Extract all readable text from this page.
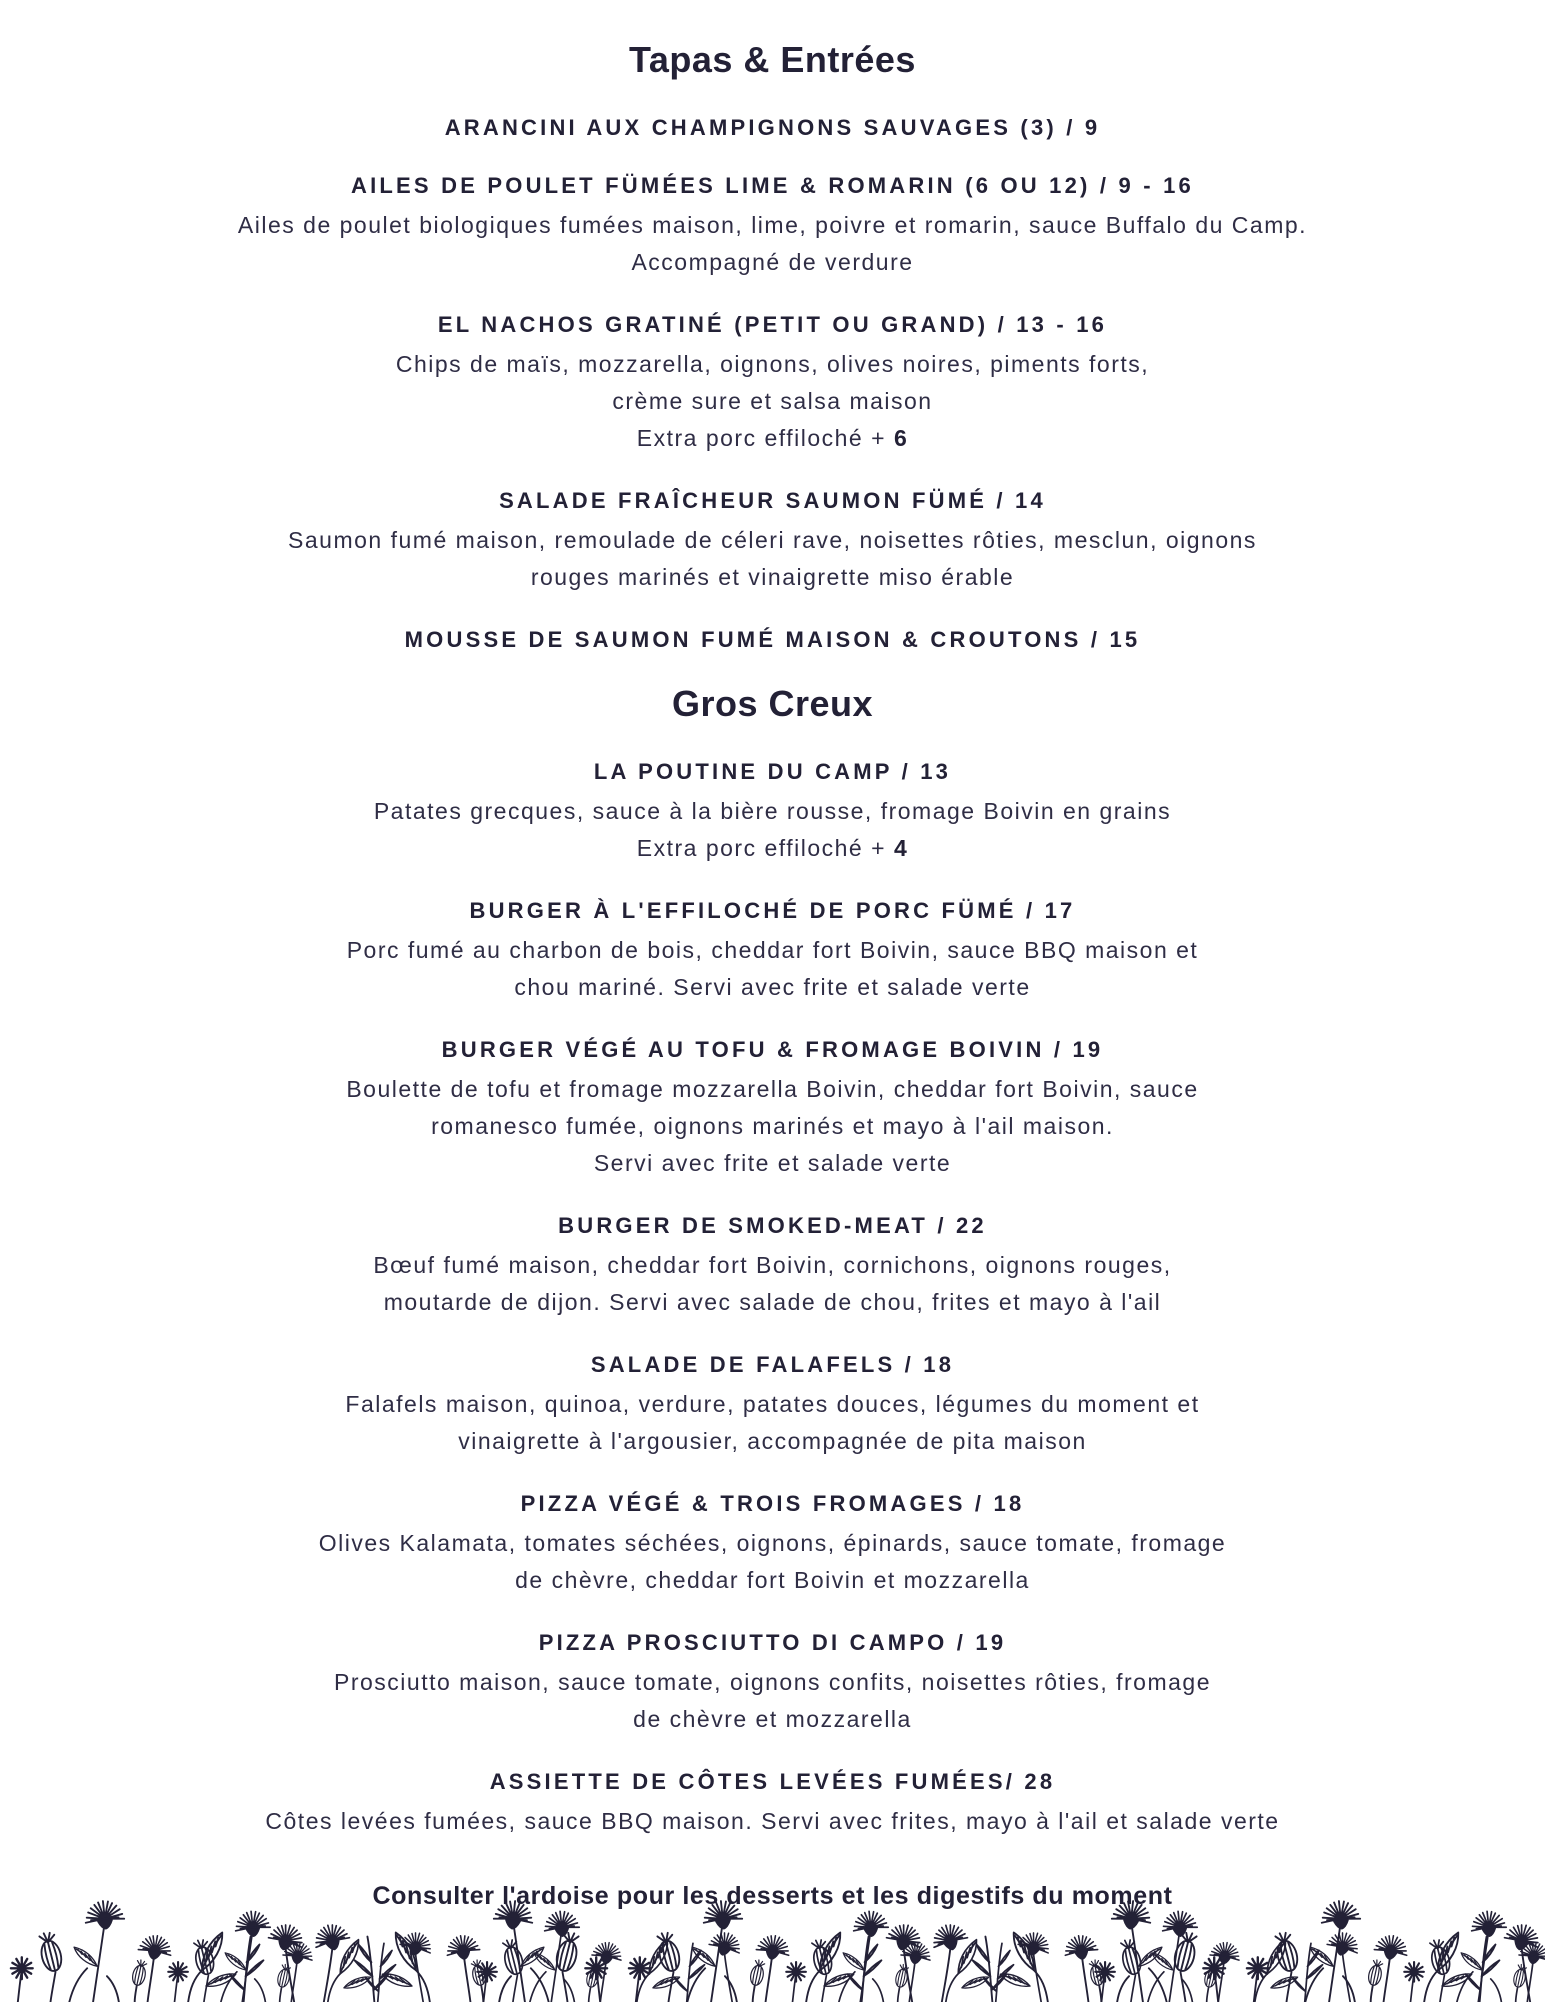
Tapas & Entrées
ARANCINI AUX CHAMPIGNONS SAUVAGES (3) / 9
AILES DE POULET FÜMÉES LIME & ROMARIN (6 OU 12) / 9 - 16
Ailes de poulet biologiques fumées maison, lime, poivre et romarin, sauce Buffalo du Camp.
Accompagné de verdure
EL NACHOS GRATINÉ (PETIT OU GRAND) / 13 - 16
Chips de maïs, mozzarella, oignons, olives noires, piments forts,
crème sure et salsa maison
Extra porc effiloché + 6
SALADE FRAÎCHEUR SAUMON FÜMÉ / 14
Saumon fumé maison, remoulade de céleri rave, noisettes rôties, mesclun, oignons
rouges marinés et vinaigrette miso érable
MOUSSE DE SAUMON FUMÉ MAISON & CROUTONS / 15
Gros Creux
LA POUTINE DU CAMP / 13
Patates grecques, sauce à la bière rousse, fromage Boivin en grains
Extra porc effiloché + 4
BURGER À L'EFFILOCHÉ DE PORC FÜMÉ / 17
Porc fumé au charbon de bois, cheddar fort Boivin, sauce BBQ maison et
chou mariné. Servi avec frite et salade verte
BURGER VÉGÉ AU TOFU & FROMAGE BOIVIN / 19
Boulette de tofu et fromage mozzarella Boivin, cheddar fort Boivin, sauce
romanesco fumée, oignons marinés et mayo à l'ail maison.
Servi avec frite et salade verte
BURGER DE SMOKED-MEAT / 22
Bœuf fumé maison, cheddar fort Boivin, cornichons, oignons rouges,
moutarde de dijon. Servi avec salade de chou, frites et mayo à l'ail
SALADE DE FALAFELS / 18
Falafels maison, quinoa, verdure, patates douces, légumes du moment et
vinaigrette à l'argousier, accompagnée de pita maison
PIZZA VÉGÉ & TROIS FROMAGES / 18
Olives Kalamata, tomates séchées, oignons, épinards, sauce tomate, fromage
de chèvre, cheddar fort Boivin et mozzarella
PIZZA PROSCIUTTO DI CAMPO / 19
Prosciutto maison, sauce tomate, oignons confits, noisettes rôties, fromage
de chèvre et mozzarella
ASSIETTE DE CÔTES LEVÉES FUMÉES/ 28
Côtes levées fumées, sauce BBQ maison. Servi avec frites, mayo à l'ail et salade verte
Consulter l'ardoise pour les desserts et les digestifs du moment
